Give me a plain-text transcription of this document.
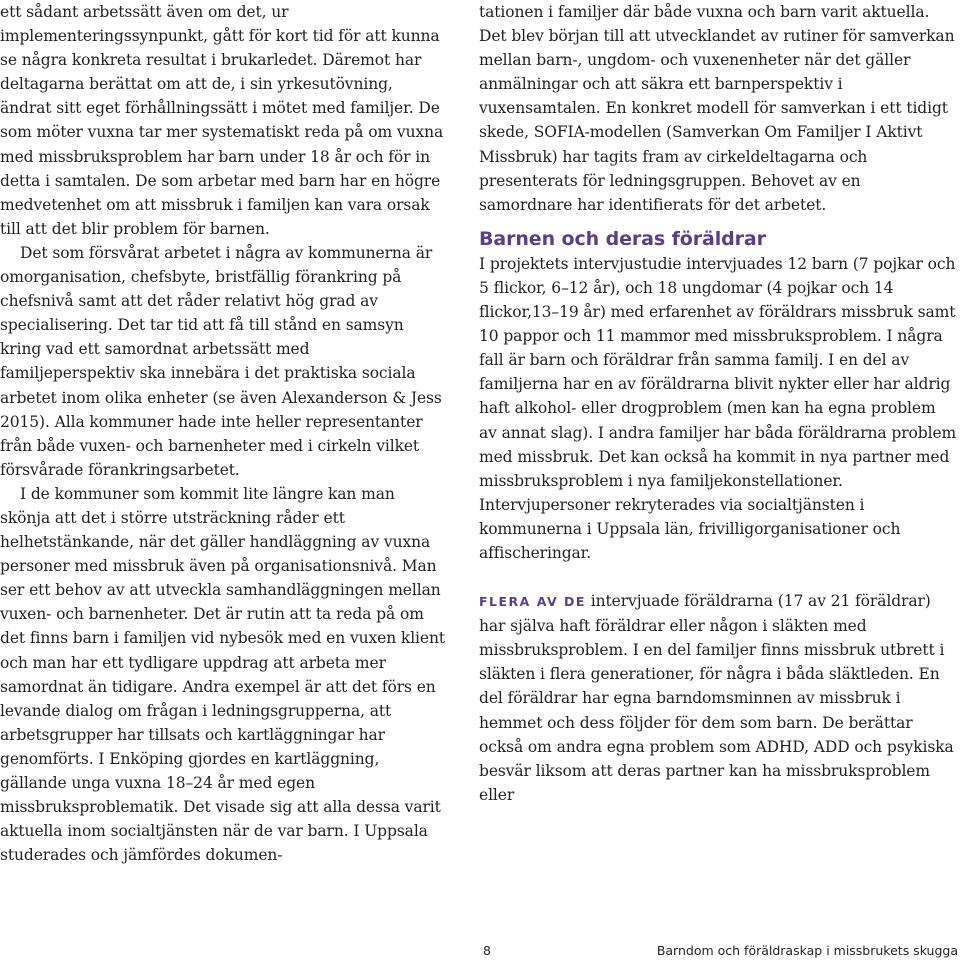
ett sådant arbetssätt även om det, ur implementeringssynpunkt, gått för kort tid för att kunna se några konkreta resultat i brukarledet. Däremot har deltagarna berättat om att de, i sin yrkesutövning, ändrat sitt eget förhållningssätt i mötet med familjer. De som möter vuxna tar mer systematiskt reda på om vuxna med missbruksproblem har barn under 18 år och för in detta i samtalen. De som arbetar med barn har en högre medvetenhet om att missbruk i familjen kan vara orsak till att det blir problem för barnen.

Det som försvårat arbetet i några av kommunerna är omorganisation, chefsbyte, bristfällig förankring på chefsnivå samt att det råder relativt hög grad av specialisering. Det tar tid att få till stånd en samsyn kring vad ett samordnat arbetssätt med familjeperspektiv ska innebära i det praktiska sociala arbetet inom olika enheter (se även Alexanderson & Jess 2015). Alla kommuner hade inte heller representanter från både vuxen- och barnenheter med i cirkeln vilket försvårade förankringsarbetet.

I de kommuner som kommit lite längre kan man skönja att det i större utsträckning råder ett helhetstänkande, när det gäller handläggning av vuxna personer med missbruk även på organisationsnivå. Man ser ett behov av att utveckla samhandläggningen mellan vuxen- och barnenheter. Det är rutin att ta reda på om det finns barn i familjen vid nybesök med en vuxen klient och man har ett tydligare uppdrag att arbeta mer samordnat än tidigare. Andra exempel är att det förs en levande dialog om frågan i ledningsgrupperna, att arbetsgrupper har tillsats och kartläggningar har genomförts. I Enköping gjordes en kartläggning, gällande unga vuxna 18–24 år med egen missbruksproblematik. Det visade sig att alla dessa varit aktuella inom socialtjänsten när de var barn. I Uppsala studerades och jämfördes dokumen-

tationen i familjer där både vuxna och barn varit aktuella. Det blev början till att utvecklandet av rutiner för samverkan mellan barn-, ungdom- och vuxenenheter när det gäller anmälningar och att säkra ett barnperspektiv i vuxensamtalen. En konkret modell för samverkan i ett tidigt skede, SOFIA-modellen (Samverkan Om Familjer I Aktivt Missbruk) har tagits fram av cirkeldeltagarna och presenterats för ledningsgruppen. Behovet av en samordnare har identifierats för det arbetet.

Barnen och deras föräldrar

I projektets intervjustudie intervjuades 12 barn (7 pojkar och 5 flickor, 6–12 år), och 18 ungdomar (4 pojkar och 14 flickor,13–19 år) med erfarenhet av föräldrars missbruk samt 10 pappor och 11 mammor med missbruksproblem. I några fall är barn och föräldrar från samma familj. I en del av familjerna har en av föräldrarna blivit nykter eller har aldrig haft alkohol- eller drogproblem (men kan ha egna problem av annat slag). I andra familjer har båda föräldrarna problem med missbruk. Det kan också ha kommit in nya partner med missbruksproblem i nya familjekonstellationer. Intervjupersoner rekryterades via socialtjänsten i kommunerna i Uppsala län, frivilligorganisationer och affischeringar.

FLERA AV DE intervjuade föräldrarna (17 av 21 föräldrar) har själva haft föräldrar eller någon i släkten med missbruksproblem. I en del familjer finns missbruk utbrett i släkten i flera generationer, för några i båda släktleden. En del föräldrar har egna barndomsminnen av missbruk i hemmet och dess följder för dem som barn. De berättar också om andra egna problem som ADHD, ADD och psykiska besvär liksom att deras partner kan ha missbruksproblem eller

8	Barndom och föräldraskap i missbrukets skugga
